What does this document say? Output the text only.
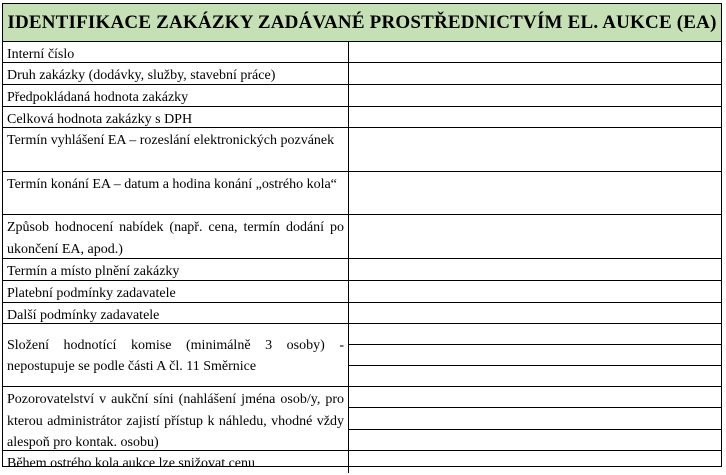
IDENTIFIKACE ZAKÁZKY ZADÁVANÉ PROSTŘEDNICTVÍM EL. AUKCE (EA)
Interní číslo
Druh zakázky (dodávky, služby, stavební práce)
Předpokládaná hodnota zakázky
Celková hodnota zakázky s DPH
Termín vyhlášení EA – rozeslání elektronických pozvánek
Termín konání EA – datum a hodina konání „ostrého kola“
Způsob hodnocení nabídek (např. cena, termín dodání po ukončení EA, apod.)
Termín a místo plnění zakázky
Platební podmínky zadavatele
Další podmínky zadavatele
Složení hodnotící komise (minimálně 3 osoby) - nepostupuje se podle části A čl. 11 Směrnice
Pozorovatelství v aukční síni (nahlášení jména osob/y, pro kterou administrátor zajistí přístup k náhledu, vhodné vždy alespoň pro kontak. osobu)
Během ostrého kola aukce lze snižovat cenu
